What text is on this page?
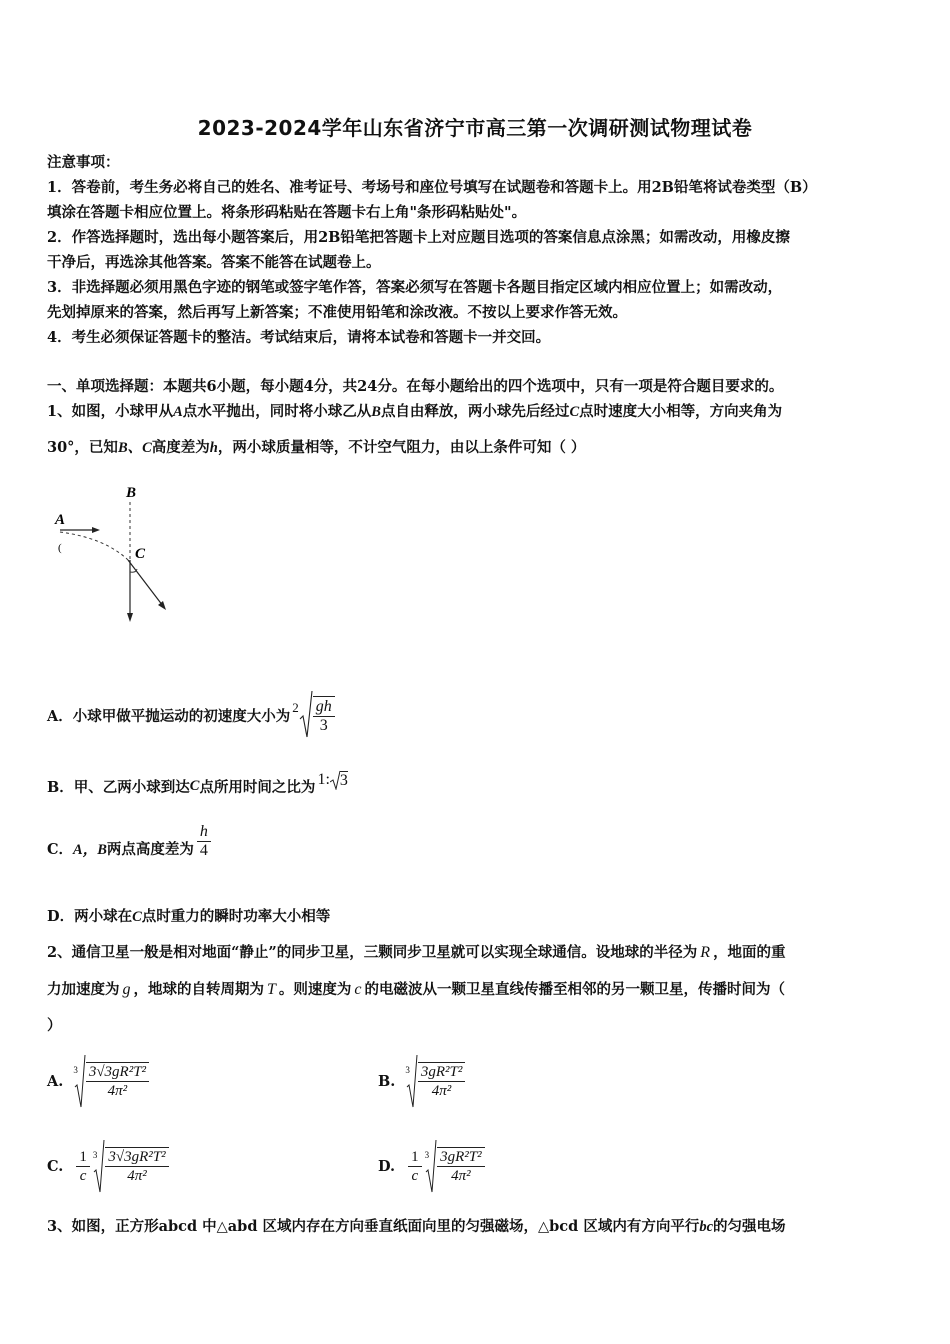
2023-2024学年山东省济宁市高三第一次调研测试物理试卷
注意事项：
1．答卷前，考生务必将自己的姓名、准考证号、考场号和座位号填写在试题卷和答题卡上。用2B铅笔将试卷类型（B）
填涂在答题卡相应位置上。将条形码粘贴在答题卡右上角"条形码粘贴处"。
2．作答选择题时，选出每小题答案后，用2B铅笔把答题卡上对应题目选项的答案信息点涂黑；如需改动，用橡皮擦
干净后，再选涂其他答案。答案不能答在试题卷上。
3．非选择题必须用黑色字迹的钢笔或签字笔作答，答案必须写在答题卡各题目指定区域内相应位置上；如需改动，
先划掉原来的答案，然后再写上新答案；不准使用铅笔和涂改液。不按以上要求作答无效。
4．考生必须保证答题卡的整洁。考试结束后，请将本试卷和答题卡一并交回。
一、单项选择题：本题共6小题，每小题4分，共24分。在每小题给出的四个选项中，只有一项是符合题目要求的。
1、如图，小球甲从A点水平抛出，同时将小球乙从B点自由释放，两小球先后经过C点时速度大小相等，方向夹角为
30°，已知B、C高度差为h，两小球质量相等，不计空气阻力，由以上条件可知（ ）
B
A
C
(
A．小球甲做平抛运动的初速度大小为 $2 \frac{gh}{3}$
B．甲、乙两小球到达 C 点所用时间之比为 1: 3
C． A，B 两点高度差为 $\frac{h}{4}$
D．两小球在C点时重力的瞬时功率大小相等
2、通信卫星一般是相对地面“静止”的同步卫星，三颗同步卫星就可以实现全球通信。设地球的半径为 R ，地面的重
力加速度为 g ，地球的自转周期为 T 。则速度为 c 的电磁波从一颗卫星直线传播至相邻的另一颗卫星，传播时间为（
）
A.
$3 \frac{\text{3√3gR²T²}}{\text{4π²}}$	B.
$3 \frac{\text{3gR²T²}}{\text{4π²}}$
C. $\frac{1}{c} 3 \frac{\text{3√3gR²T²}}{\text{4π²}}$	D. $\frac{1}{c} 3 \frac{\text{3gR²T²}}{\text{4π²}}$
3、如图，正方形abcd 中△abd 区域内存在方向垂直纸面向里的匀强磁场，△bcd 区域内有方向平行bc的匀强电场
